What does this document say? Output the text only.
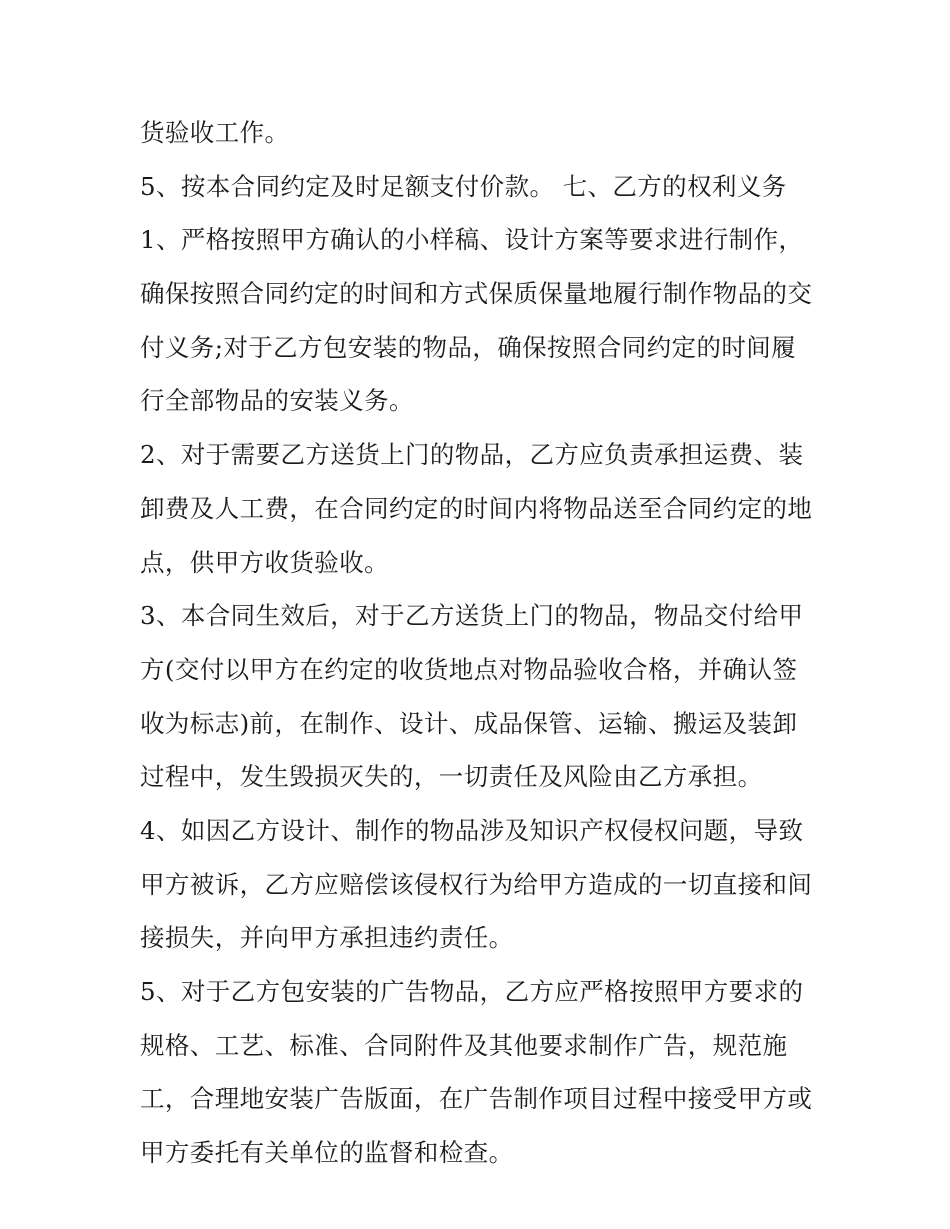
货验收工作。
5、按本合同约定及时足额支付价款。 七、乙方的权利义务
1、严格按照甲方确认的小样稿、设计方案等要求进行制作，
确保按照合同约定的时间和方式保质保量地履行制作物品的交
付义务;对于乙方包安装的物品，确保按照合同约定的时间履
行全部物品的安装义务。
2、对于需要乙方送货上门的物品，乙方应负责承担运费、装
卸费及人工费，在合同约定的时间内将物品送至合同约定的地
点，供甲方收货验收。
3、本合同生效后，对于乙方送货上门的物品，物品交付给甲
方(交付以甲方在约定的收货地点对物品验收合格，并确认签
收为标志)前，在制作、设计、成品保管、运输、搬运及装卸
过程中，发生毁损灭失的，一切责任及风险由乙方承担。
4、如因乙方设计、制作的物品涉及知识产权侵权问题，导致
甲方被诉，乙方应赔偿该侵权行为给甲方造成的一切直接和间
接损失，并向甲方承担违约责任。
5、对于乙方包安装的广告物品，乙方应严格按照甲方要求的
规格、工艺、标准、合同附件及其他要求制作广告，规范施
工，合理地安装广告版面，在广告制作项目过程中接受甲方或
甲方委托有关单位的监督和检查。
